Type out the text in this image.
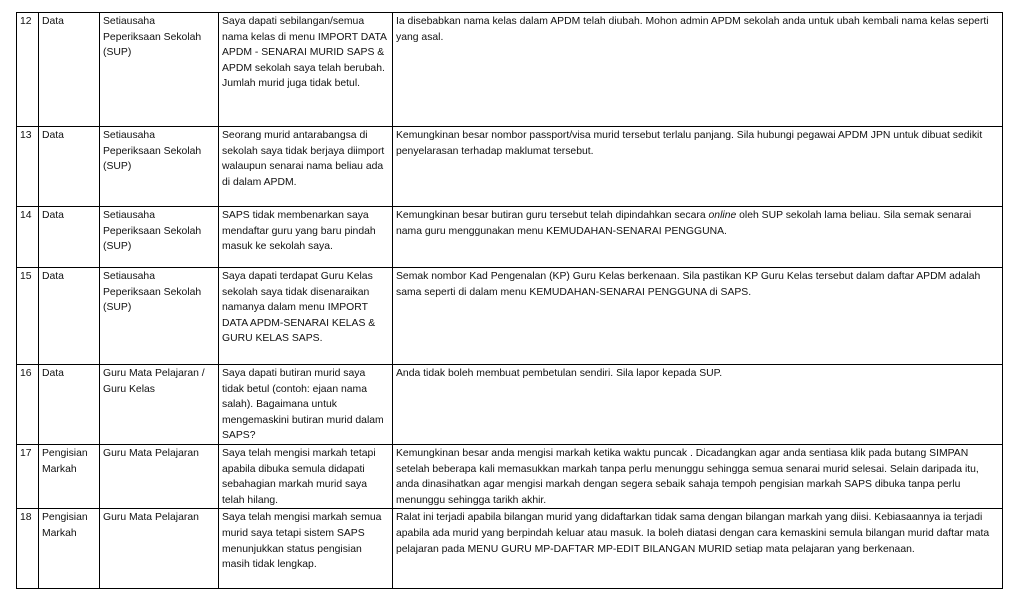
12	Data	Setiausaha Peperiksaan Sekolah (SUP)	Saya dapati sebilangan/semua nama kelas di menu IMPORT DATA APDM - SENARAI MURID SAPS & APDM sekolah saya telah berubah. Jumlah murid juga tidak betul.	Ia disebabkan nama kelas dalam APDM telah diubah. Mohon admin APDM sekolah anda untuk ubah kembali nama kelas seperti yang asal.
13	Data	Setiausaha Peperiksaan Sekolah (SUP)	Seorang murid antarabangsa di sekolah saya tidak berjaya diimport walaupun senarai nama beliau ada di dalam APDM.	Kemungkinan besar nombor passport/visa murid tersebut terlalu panjang. Sila hubungi pegawai APDM JPN untuk dibuat sedikit penyelarasan terhadap maklumat tersebut.
14	Data	Setiausaha Peperiksaan Sekolah (SUP)	SAPS tidak membenarkan saya mendaftar guru yang baru pindah masuk ke sekolah saya.	Kemungkinan besar butiran guru tersebut telah dipindahkan secara online oleh SUP sekolah lama beliau. Sila semak senarai nama guru menggunakan menu KEMUDAHAN-SENARAI PENGGUNA.
15	Data	Setiausaha Peperiksaan Sekolah (SUP)	Saya dapati terdapat Guru Kelas sekolah saya tidak disenaraikan namanya dalam menu IMPORT DATA APDM-SENARAI KELAS & GURU KELAS SAPS.	Semak nombor Kad Pengenalan (KP) Guru Kelas berkenaan. Sila pastikan KP Guru Kelas tersebut dalam daftar APDM adalah sama seperti di dalam menu KEMUDAHAN-SENARAI PENGGUNA di SAPS.
16	Data	Guru Mata Pelajaran / Guru Kelas	Saya dapati butiran murid saya tidak betul (contoh: ejaan nama salah). Bagaimana untuk mengemaskini butiran murid dalam SAPS?	Anda tidak boleh membuat pembetulan sendiri. Sila lapor kepada SUP.
17	Pengisian Markah	Guru Mata Pelajaran	Saya telah mengisi markah tetapi apabila dibuka semula didapati sebahagian markah murid saya telah hilang.	Kemungkinan besar anda mengisi markah ketika waktu puncak . Dicadangkan agar anda sentiasa klik pada butang SIMPAN setelah beberapa kali memasukkan markah tanpa perlu menunggu sehingga semua senarai murid selesai. Selain daripada itu, anda dinasihatkan agar mengisi markah dengan segera sebaik sahaja tempoh pengisian markah SAPS dibuka tanpa perlu menunggu sehingga tarikh akhir.
18	Pengisian Markah	Guru Mata Pelajaran	Saya telah mengisi markah semua murid saya tetapi sistem SAPS menunjukkan status pengisian masih tidak lengkap.	Ralat ini terjadi apabila bilangan murid yang didaftarkan tidak sama dengan bilangan markah yang diisi. Kebiasaannya ia terjadi apabila ada murid yang berpindah keluar atau masuk. Ia boleh diatasi dengan cara kemaskini semula bilangan murid daftar mata pelajaran pada MENU GURU MP-DAFTAR MP-EDIT BILANGAN MURID setiap mata pelajaran yang berkenaan.
